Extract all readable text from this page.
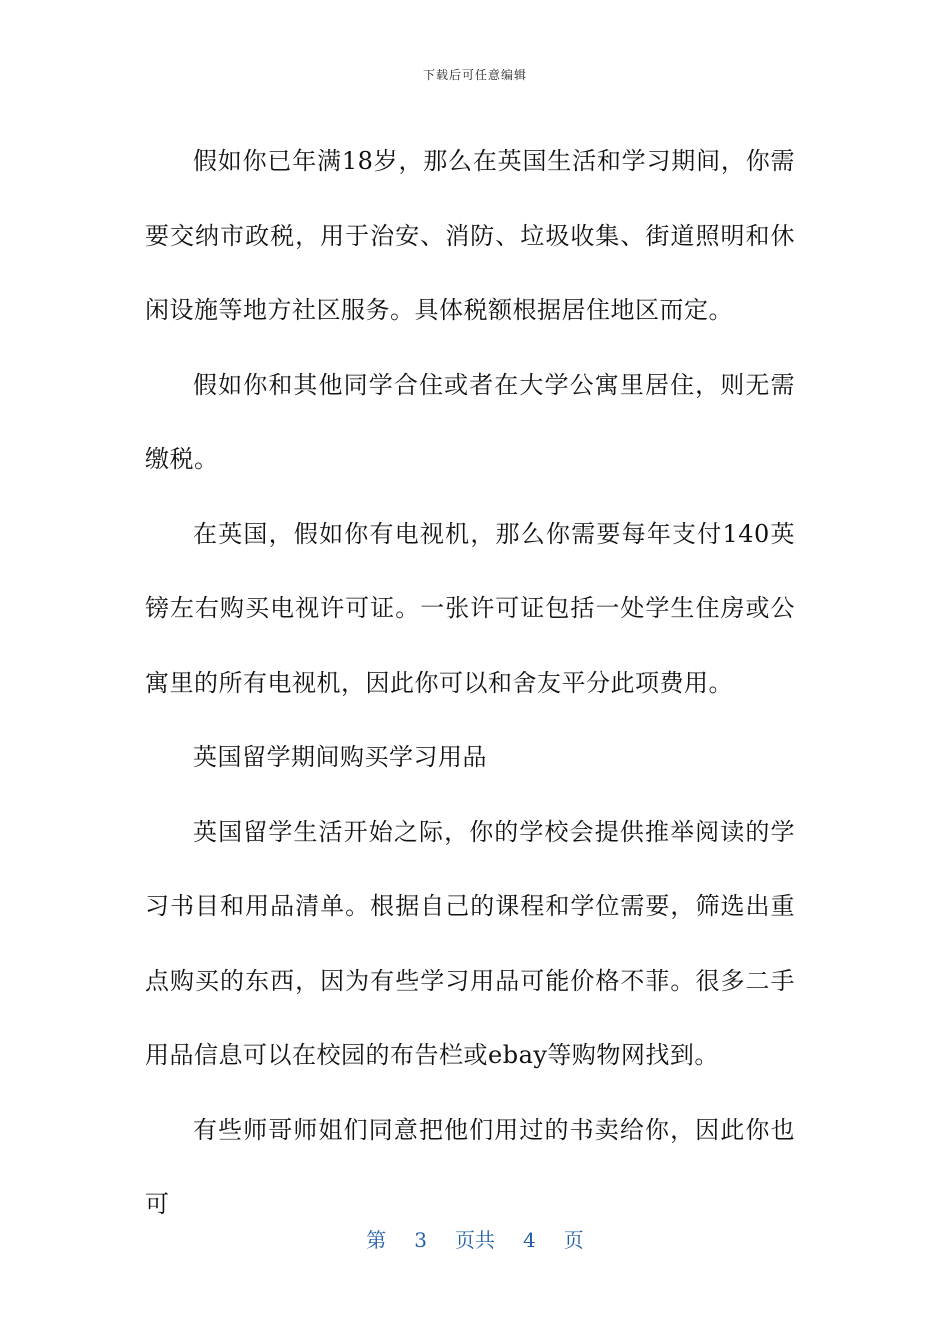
下载后可任意编辑

假如你已年满18岁，那么在英国生活和学习期间，你需要交纳市政税，用于治安、消防、垃圾收集、街道照明和休闲设施等地方社区服务。具体税额根据居住地区而定。

假如你和其他同学合住或者在大学公寓里居住，则无需缴税。

在英国，假如你有电视机，那么你需要每年支付140英镑左右购买电视许可证。一张许可证包括一处学生住房或公寓里的所有电视机，因此你可以和舍友平分此项费用。

英国留学期间购买学习用品

英国留学生活开始之际，你的学校会提供推举阅读的学习书目和用品清单。根据自己的课程和学位需要，筛选出重点购买的东西，因为有些学习用品可能价格不菲。很多二手用品信息可以在校园的布告栏或ebay等购物网找到。

有些师哥师姐们同意把他们用过的书卖给你，因此你也可

第 3 页共 4 页
